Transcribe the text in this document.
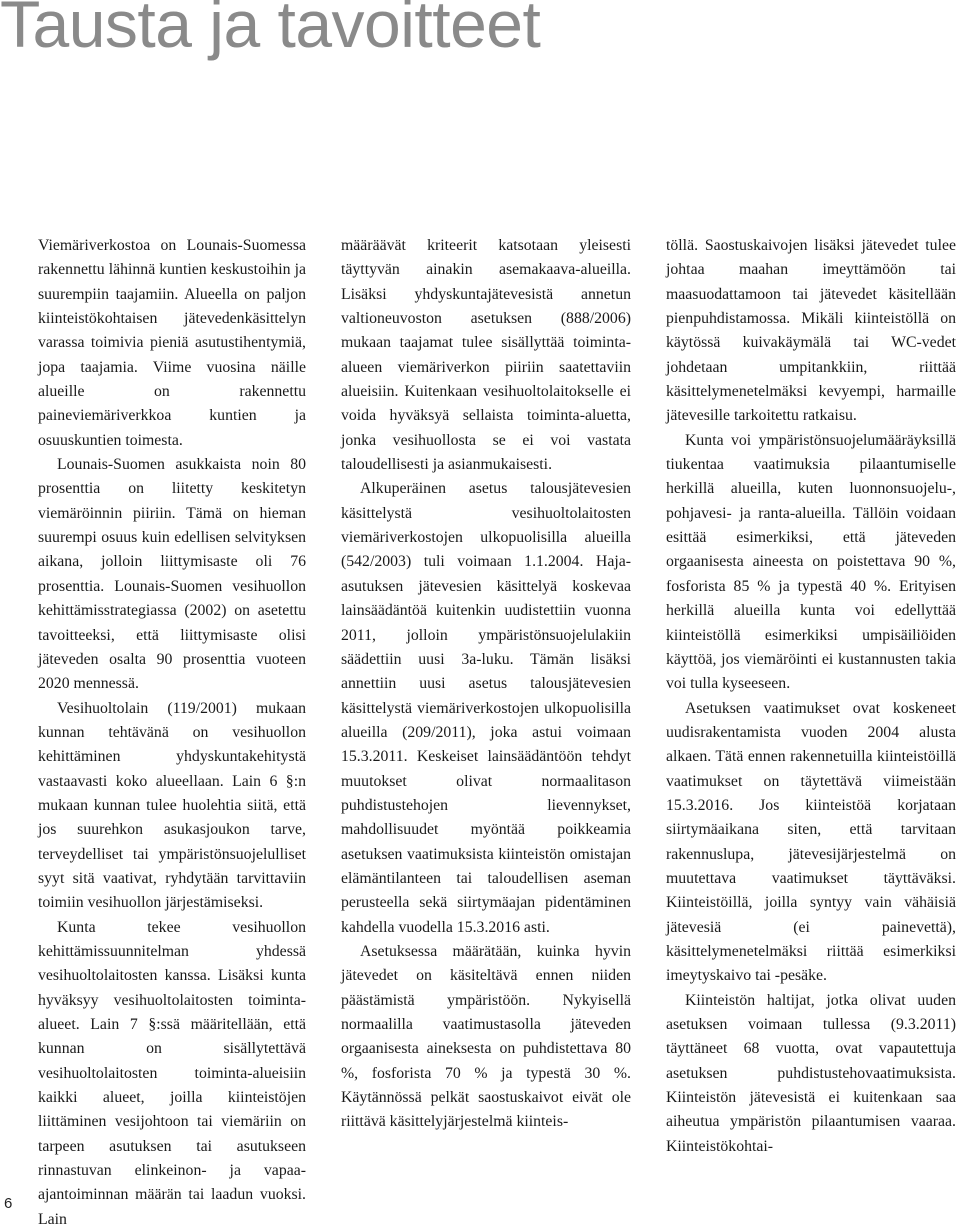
Tausta ja tavoitteet

Viemäriverkostoa on Lounais-Suomessa rakennettu lähinnä kuntien keskustoihin ja suurempiin taajamiin. Alueella on paljon kiinteistökohtaisen jätevedenkäsittelyn varassa toimivia pieniä asutustihentymiä, jopa taajamia. Viime vuosina näille alueille on rakennettu paineviemäriverkkoa kuntien ja osuuskuntien toimesta.

Lounais-Suomen asukkaista noin 80 prosenttia on liitetty keskitetyn viemäröinnin piiriin. Tämä on hieman suurempi osuus kuin edellisen selvityksen aikana, jolloin liittymisaste oli 76 prosenttia. Lounais-Suomen vesihuollon kehittämisstrategiassa (2002) on asetettu tavoitteeksi, että liittymisaste olisi jäteveden osalta 90 prosenttia vuoteen 2020 mennessä.

Vesihuoltolain (119/2001) mukaan kunnan tehtävänä on vesihuollon kehittäminen yhdyskuntakehitystä vastaavasti koko alueellaan. Lain 6 §:n mukaan kunnan tulee huolehtia siitä, että jos suurehkon asukasjoukon tarve, terveydelliset tai ympäristönsuojelulliset syyt sitä vaativat, ryhdytään tarvittaviin toimiin vesihuollon järjestämiseksi.

Kunta tekee vesihuollon kehittämissuunnitelman yhdessä vesihuoltolaitosten kanssa. Lisäksi kunta hyväksyy vesihuoltolaitosten toiminta-alueet. Lain 7 §:ssä määritellään, että kunnan on sisällytettävä vesihuoltolaitosten toiminta-alueisiin kaikki alueet, joilla kiinteistöjen liittäminen vesijohtoon tai viemäriin on tarpeen asutuksen tai asutukseen rinnastuvan elinkeinon- ja vapaa-ajantoiminnan määrän tai laadun vuoksi. Lain

määräävät kriteerit katsotaan yleisesti täyttyvän ainakin asemakaava-alueilla. Lisäksi yhdyskuntajätevesistä annetun valtioneuvoston asetuksen (888/2006) mukaan taajamat tulee sisällyttää toiminta-alueen viemäriverkon piiriin saatettaviin alueisiin. Kuitenkaan vesihuoltolaitokselle ei voida hyväksyä sellaista toiminta-aluetta, jonka vesihuollosta se ei voi vastata taloudellisesti ja asianmukaisesti.

Alkuperäinen asetus talousjätevesien käsittelystä vesihuoltolaitosten viemäriverkostojen ulkopuolisilla alueilla (542/2003) tuli voimaan 1.1.2004. Haja-asutuksen jätevesien käsittelyä koskevaa lainsäädäntöä kuitenkin uudistettiin vuonna 2011, jolloin ympäristönsuojelulakiin säädettiin uusi 3a-luku. Tämän lisäksi annettiin uusi asetus talousjätevesien käsittelystä viemäriverkostojen ulkopuolisilla alueilla (209/2011), joka astui voimaan 15.3.2011. Keskeiset lainsäädäntöön tehdyt muutokset olivat normaalitason puhdistustehojen lievennykset, mahdollisuudet myöntää poikkeamia asetuksen vaatimuksista kiinteistön omistajan elämäntilanteen tai taloudellisen aseman perusteella sekä siirtymäajan pidentäminen kahdella vuodella 15.3.2016 asti.

Asetuksessa määrätään, kuinka hyvin jätevedet on käsiteltävä ennen niiden päästämistä ympäristöön. Nykyisellä normaalilla vaatimustasolla jäteveden orgaanisesta aineksesta on puhdistettava 80 %, fosforista 70 % ja typestä 30 %. Käytännössä pelkät saostuskaivot eivät ole riittävä käsittelyjärjestelmä kiinteis-

töllä. Saostuskaivojen lisäksi jätevedet tulee johtaa maahan imeyttämöön tai maasuodattamoon tai jätevedet käsitellään pienpuhdistamossa. Mikäli kiinteistöllä on käytössä kuivakäymälä tai WC-vedet johdetaan umpitankkiin, riittää käsittelymenetelmäksi kevyempi, harmaille jätevesille tarkoitettu ratkaisu.

Kunta voi ympäristönsuojelumääräyksillä tiukentaa vaatimuksia pilaantumiselle herkillä alueilla, kuten luonnonsuojelu-, pohjavesi- ja ranta-alueilla. Tällöin voidaan esittää esimerkiksi, että jäteveden orgaanisesta aineesta on poistettava 90 %, fosforista 85 % ja typestä 40 %. Erityisen herkillä alueilla kunta voi edellyttää kiinteistöllä esimerkiksi umpisäiliöiden käyttöä, jos viemäröinti ei kustannusten takia voi tulla kyseeseen.

Asetuksen vaatimukset ovat koskeneet uudisrakentamista vuoden 2004 alusta alkaen. Tätä ennen rakennetuilla kiinteistöillä vaatimukset on täytettävä viimeistään 15.3.2016. Jos kiinteistöä korjataan siirtymäaikana siten, että tarvitaan rakennuslupa, jätevesijärjestelmä on muutettava vaatimukset täyttäväksi. Kiinteistöillä, joilla syntyy vain vähäisiä jätevesiä (ei painevettä), käsittelymenetelmäksi riittää esimerkiksi imeytyskaivo tai -pesäke.

Kiinteistön haltijat, jotka olivat uuden asetuksen voimaan tullessa (9.3.2011) täyttäneet 68 vuotta, ovat vapautettuja asetuksen puhdistustehovaatimuksista. Kiinteistön jätevesistä ei kuitenkaan saa aiheutua ympäristön pilaantumisen vaaraa. Kiinteistökohtai-

6
